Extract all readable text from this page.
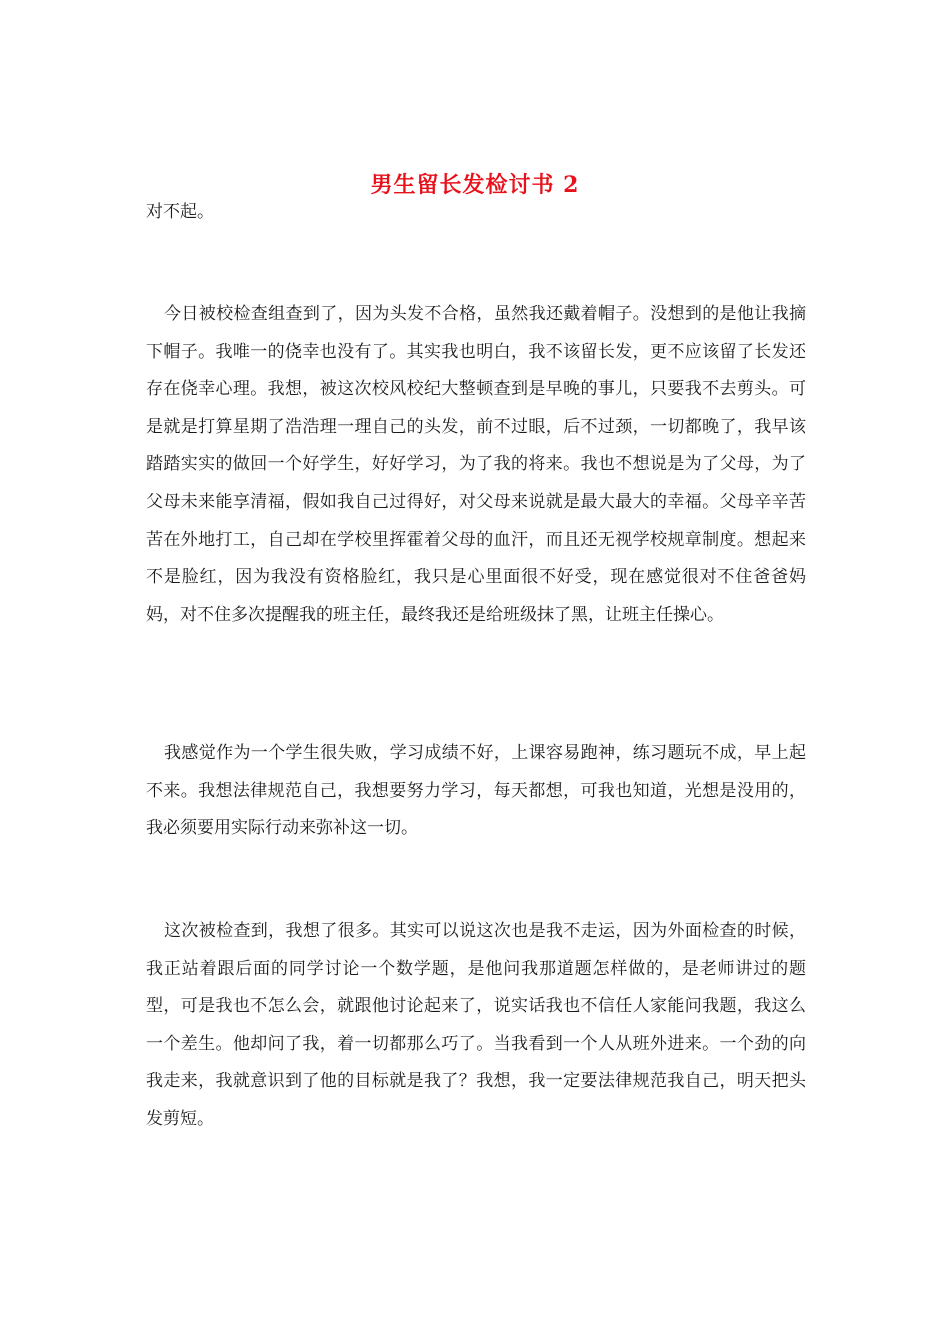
男生留长发检讨书 2

对不起。

今日被校检查组查到了，因为头发不合格，虽然我还戴着帽子。没想到的是他让我摘下帽子。我唯一的侥幸也没有了。其实我也明白，我不该留长发，更不应该留了长发还存在侥幸心理。我想，被这次校风校纪大整顿查到是早晚的事儿，只要我不去剪头。可是就是打算星期了浩浩理一理自己的头发，前不过眼，后不过颈，一切都晚了，我早该踏踏实实的做回一个好学生，好好学习，为了我的将来。我也不想说是为了父母，为了父母未来能享清福，假如我自己过得好，对父母来说就是最大最大的幸福。父母辛辛苦苦在外地打工，自己却在学校里挥霍着父母的血汗，而且还无视学校规章制度。想起来不是脸红，因为我没有资格脸红，我只是心里面很不好受，现在感觉很对不住爸爸妈妈，对不住多次提醒我的班主任，最终我还是给班级抹了黑，让班主任操心。

我感觉作为一个学生很失败，学习成绩不好，上课容易跑神，练习题玩不成，早上起不来。我想法律规范自己，我想要努力学习，每天都想，可我也知道，光想是没用的，我必须要用实际行动来弥补这一切。

这次被检查到，我想了很多。其实可以说这次也是我不走运，因为外面检查的时候，我正站着跟后面的同学讨论一个数学题，是他问我那道题怎样做的，是老师讲过的题型，可是我也不怎么会，就跟他讨论起来了，说实话我也不信任人家能问我题，我这么一个差生。他却问了我，着一切都那么巧了。当我看到一个人从班外进来。一个劲的向我走来，我就意识到了他的目标就是我了？我想，我一定要法律规范我自己，明天把头发剪短。
